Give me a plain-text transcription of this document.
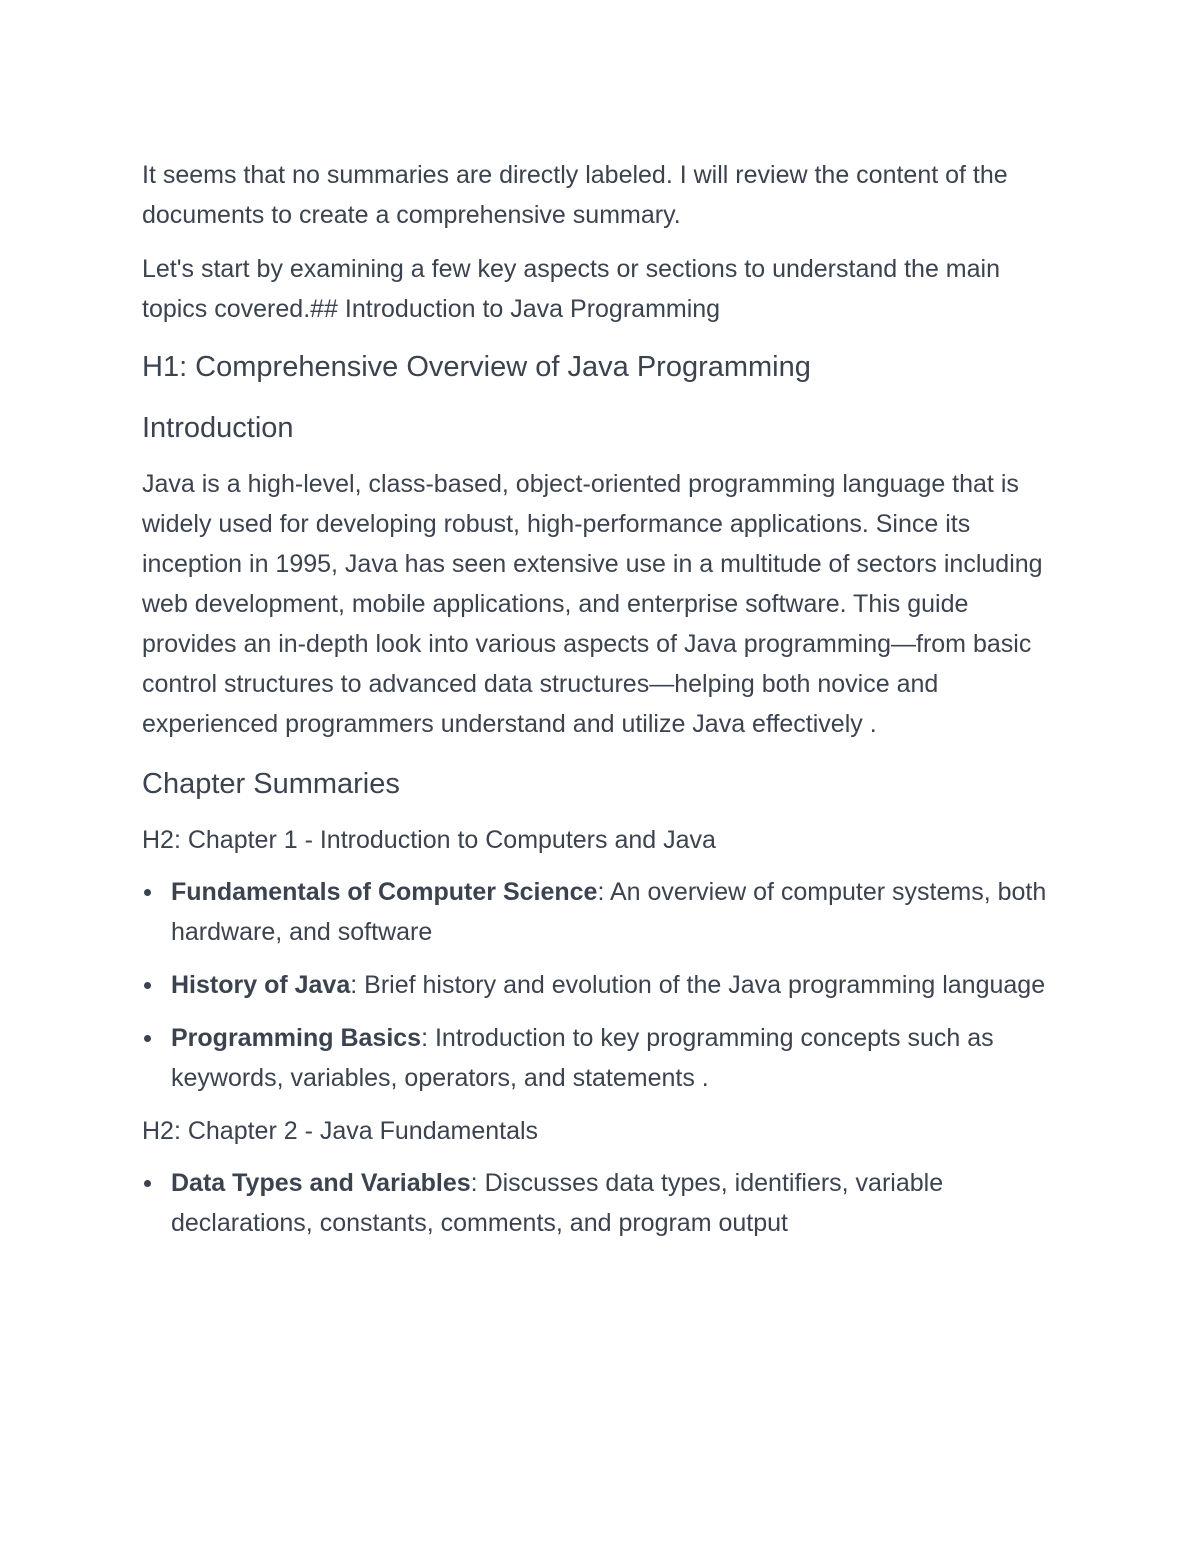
It seems that no summaries are directly labeled. I will review the content of the documents to create a comprehensive summary.

Let's start by examining a few key aspects or sections to understand the main topics covered.## Introduction to Java Programming

H1: Comprehensive Overview of Java Programming
Introduction

Java is a high-level, class-based, object-oriented programming language that is widely used for developing robust, high-performance applications. Since its inception in 1995, Java has seen extensive use in a multitude of sectors including web development, mobile applications, and enterprise software. This guide provides an in-depth look into various aspects of Java programming—from basic control structures to advanced data structures—helping both novice and experienced programmers understand and utilize Java effectively .

Chapter Summaries
H2: Chapter 1 - Introduction to Computers and Java
Fundamentals of Computer Science: An overview of computer systems, both hardware, and software
History of Java: Brief history and evolution of the Java programming language
Programming Basics: Introduction to key programming concepts such as keywords, variables, operators, and statements .
H2: Chapter 2 - Java Fundamentals
Data Types and Variables: Discusses data types, identifiers, variable declarations, constants, comments, and program output
